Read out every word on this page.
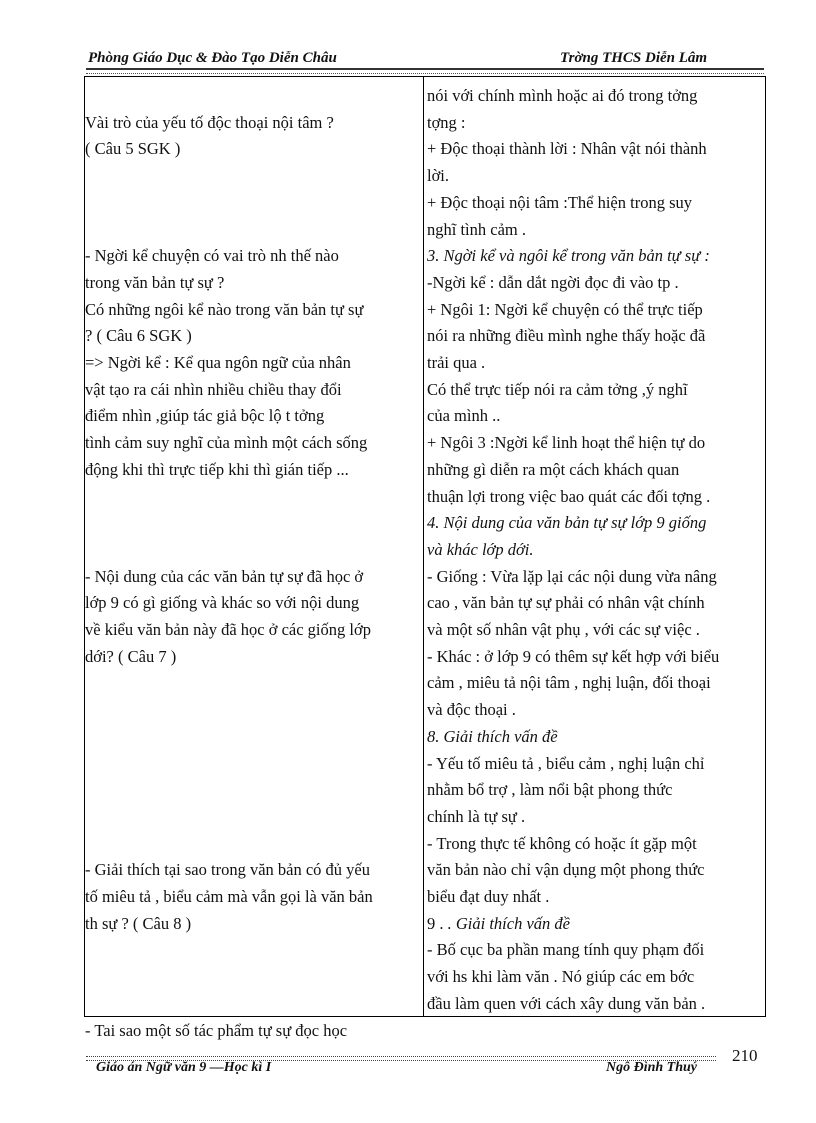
Phòng Giáo Dục & Đào Tạo Diễn Châu	Trờng THCS Diễn Lâm
Vài trò của yếu tố độc thoại nội tâm ?
( Câu 5 SGK )
- Ngời kể chuyện có vai trò nh thế nào
trong văn bản tự sự ?
Có những ngôi kể nào trong văn bản tự sự
? ( Câu 6 SGK )
=> Ngời kể : Kể qua ngôn ngữ của nhân
vật tạo ra cái nhìn nhiều chiều thay đổi
điểm nhìn ,giúp tác giả bộc lộ t tởng
tình cảm suy nghĩ của mình một cách sống
động khi thì trực tiếp khi thì gián tiếp ...
- Nội dung của các văn bản tự sự đã học ở
lớp 9 có gì giống và khác so với nội dung
về kiểu văn bản này đã học ở các giống lớp
dới? ( Câu 7 )
- Giải thích tại sao trong văn bản có đủ yếu
tố miêu tả , biểu cảm mà vẫn gọi là văn bản
th sự ? ( Câu 8 )
- Tai sao một số tác phẩm tự sự đọc học
nói với chính mình hoặc ai đó trong tởng
tợng :
+ Độc thoại thành lời : Nhân vật nói thành
lời.
+ Độc thoại nội tâm :Thể hiện trong suy
nghĩ tình cảm .
3. Ngời kể và ngôi kể trong văn bản tự sự :
-Ngời kể : dẫn dắt ngời đọc đi vào tp .
+ Ngôi 1: Ngời kể chuyện có thể trực tiếp
nói ra những điều mình nghe thấy hoặc đã
trải qua .
Có thể trực tiếp nói ra cảm tởng ,ý nghĩ
của mình ..
+ Ngôi 3 :Ngời kể linh hoạt thể hiện tự do
những gì diễn ra một cách khách quan
thuận lợi trong việc bao quát các đối tợng .
4. Nội dung của văn bản tự sự lớp 9 giống
và khác lớp dới.
- Giống : Vừa lặp lại các nội dung vừa nâng
cao , văn bản tự sự phải có nhân vật chính
và một số nhân vật phụ , với các sự việc .
- Khác : ở lớp 9 có thêm sự kết hợp với biểu
cảm , miêu tả nội tâm , nghị luận, đối thoại
và độc thoại .
8. Giải thích vấn đề
- Yếu tố miêu tả , biểu cảm , nghị luận chỉ
nhằm bổ trợ , làm nổi bật phong thức
chính là tự sự .
- Trong thực tế không có hoặc ít gặp một
văn bản nào chỉ vận dụng một phong thức
biểu đạt duy nhất .
9 . . Giải thích vấn đề
- Bố cục ba phần mang tính quy phạm đối
với hs khi làm văn . Nó giúp các em bớc
đầu làm quen với cách xây dung văn bản .
Giáo án Ngữ văn 9 —Học kì I	Ngô Đình Thuý
210
